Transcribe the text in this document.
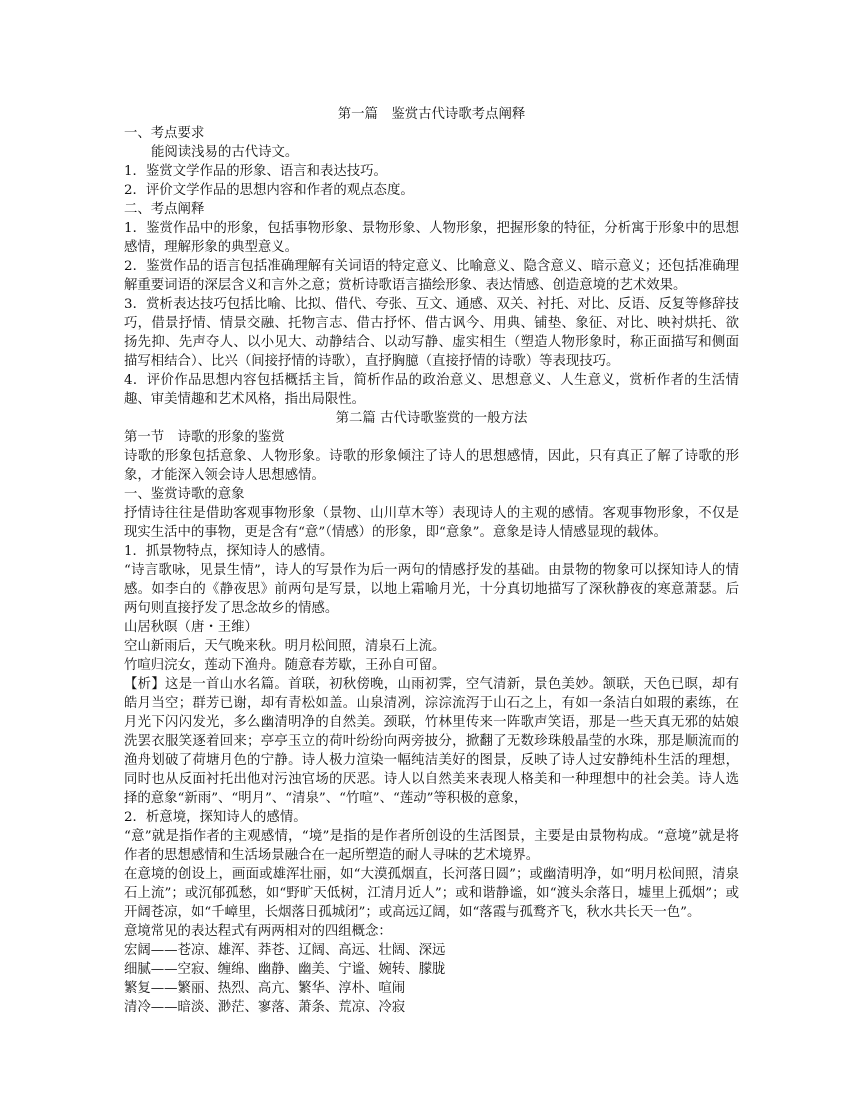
第一篇　鉴赏古代诗歌考点阐释

一、考点要求

能阅读浅易的古代诗文。

1．鉴赏文学作品的形象、语言和表达技巧。

2．评价文学作品的思想内容和作者的观点态度。

二、考点阐释

1．鉴赏作品中的形象，包括事物形象、景物形象、人物形象，把握形象的特征，分析寓于形象中的思想感情，理解形象的典型意义。

2．鉴赏作品的语言包括准确理解有关词语的特定意义、比喻意义、隐含意义、暗示意义；还包括准确理解重要词语的深层含义和言外之意；赏析诗歌语言描绘形象、表达情感、创造意境的艺术效果。

3．赏析表达技巧包括比喻、比拟、借代、夸张、互文、通感、双关、衬托、对比、反语、反复等修辞技巧，借景抒情、情景交融、托物言志、借古抒怀、借古讽今、用典、铺垫、象征、对比、映衬烘托、欲扬先抑、先声夺人、以小见大、动静结合、以动写静、虚实相生（塑造人物形象时，称正面描写和侧面描写相结合）、比兴（间接抒情的诗歌），直抒胸臆（直接抒情的诗歌）等表现技巧。

4．评价作品思想内容包括概括主旨，简析作品的政治意义、思想意义、人生意义，赏析作者的生活情趣、审美情趣和艺术风格，指出局限性。

第二篇 古代诗歌鉴赏的一般方法

第一节　诗歌的形象的鉴赏

诗歌的形象包括意象、人物形象。诗歌的形象倾注了诗人的思想感情，因此，只有真正了解了诗歌的形象，才能深入领会诗人思想感情。

一、鉴赏诗歌的意象

抒情诗往往是借助客观事物形象（景物、山川草木等）表现诗人的主观的感情。客观事物形象，不仅是现实生活中的事物，更是含有“意”（情感）的形象，即“意象”。意象是诗人情感显现的载体。

1．抓景物特点，探知诗人的感情。

“诗言歌咏，见景生情”，诗人的写景作为后一两句的情感抒发的基础。由景物的物象可以探知诗人的情感。如李白的《静夜思》前两句是写景，以地上霜喻月光，十分真切地描写了深秋静夜的寒意萧瑟。后两句则直接抒发了思念故乡的情感。

山居秋暝（唐・王维）

空山新雨后，天气晚来秋。明月松间照，清泉石上流。

竹喧归浣女，莲动下渔舟。随意春芳歇，王孙自可留。

【析】这是一首山水名篇。首联，初秋傍晚，山雨初霁，空气清新，景色美妙。颔联，天色已暝，却有皓月当空；群芳已谢，却有青松如盖。山泉清冽，淙淙流泻于山石之上，有如一条洁白如瑕的素练，在月光下闪闪发光，多么幽清明净的自然美。颈联，竹林里传来一阵歌声笑语，那是一些天真无邪的姑娘洗罢衣服笑逐着回来；亭亭玉立的荷叶纷纷向两旁披分，掀翻了无数珍珠般晶莹的水珠，那是顺流而的渔舟划破了荷塘月色的宁静。诗人极力渲染一幅纯洁美好的图景，反映了诗人过安静纯朴生活的理想，同时也从反面衬托出他对污浊官场的厌恶。诗人以自然美来表现人格美和一种理想中的社会美。诗人选择的意象“新雨”、“明月”、“清泉”、“竹喧”、“莲动”等积极的意象，

2．析意境，探知诗人的感情。

“意”就是指作者的主观感情，“境”是指的是作者所创设的生活图景，主要是由景物构成。“意境”就是将作者的思想感情和生活场景融合在一起所塑造的耐人寻味的艺术境界。

在意境的创设上，画面或雄浑壮丽，如“大漠孤烟直，长河落日圆”；或幽清明净，如“明月松间照，清泉石上流”；或沉郁孤愁，如“野旷天低树，江清月近人”；或和谐静谧，如“渡头余落日，墟里上孤烟”；或开阔苍凉，如“千嶂里，长烟落日孤城闭”；或高远辽阔，如“落霞与孤鹜齐飞，秋水共长天一色”。

意境常见的表达程式有两两相对的四组概念：

宏阔——苍凉、雄浑、莽苍、辽阔、高远、壮阔、深远

细腻——空寂、缠绵、幽静、幽美、宁谧、婉转、朦胧

繁复——繁丽、热烈、高亢、繁华、淳朴、喧闹

清冷——暗淡、渺茫、寥落、萧条、荒凉、冷寂
